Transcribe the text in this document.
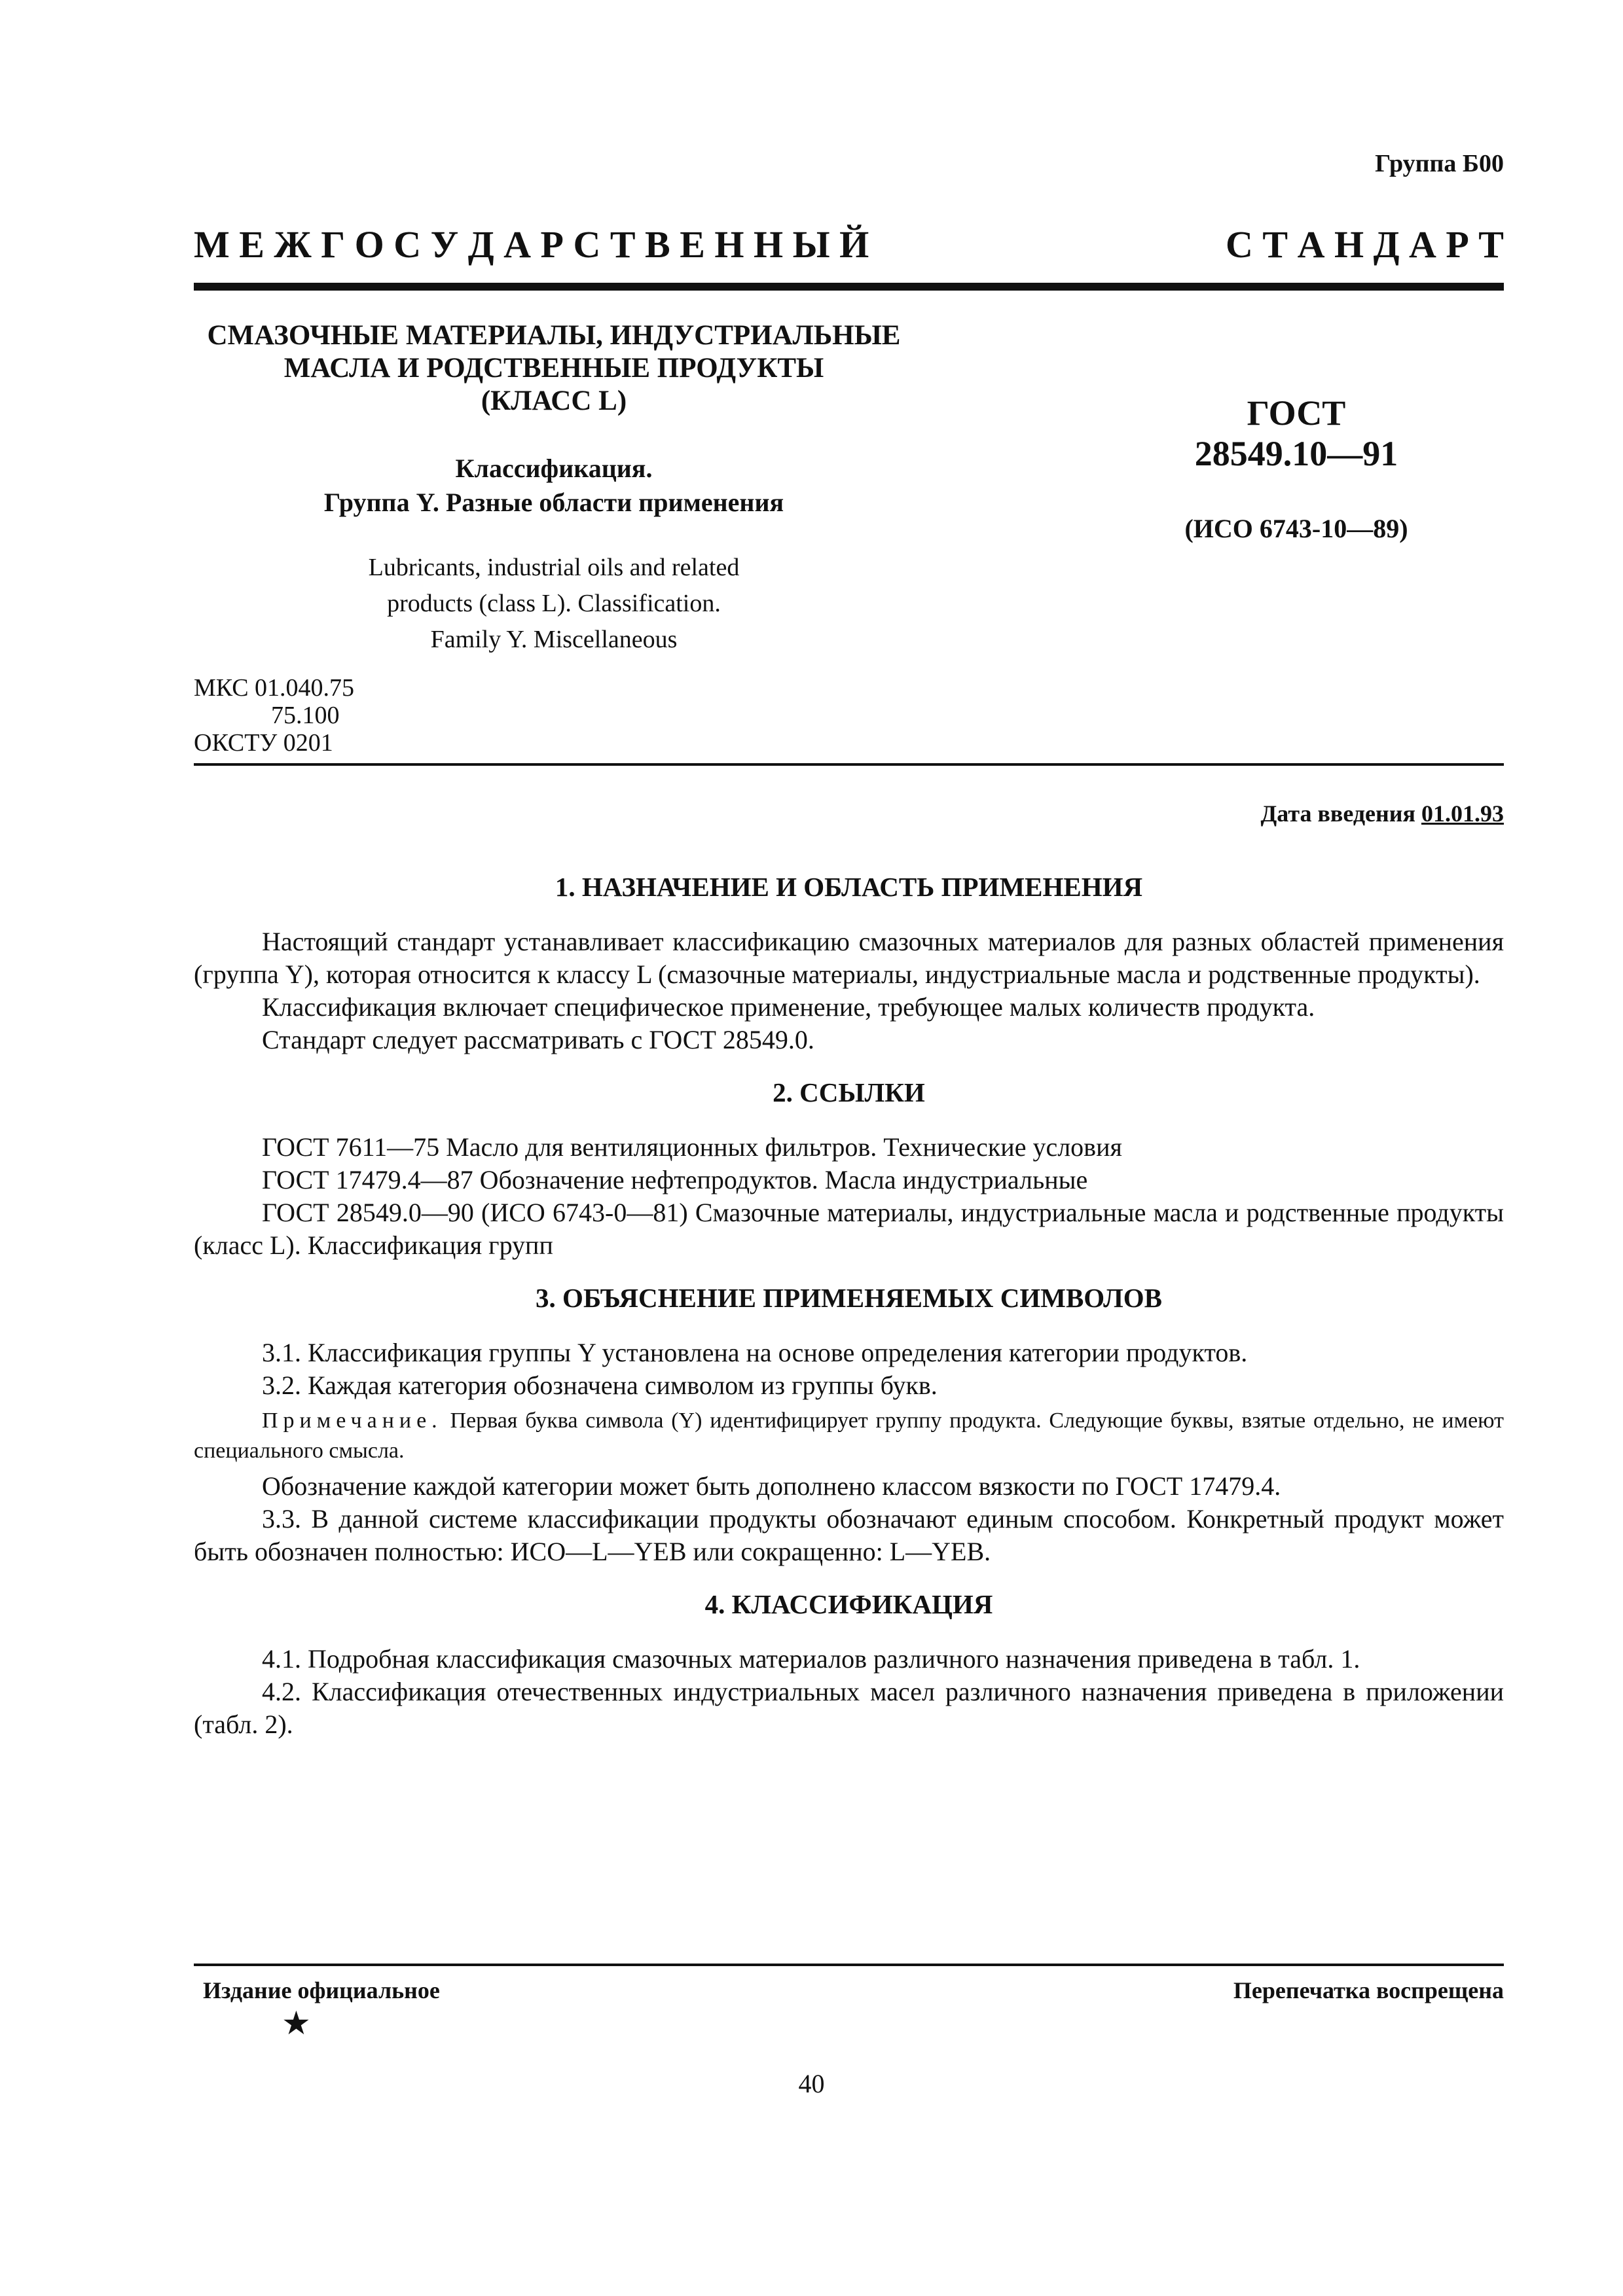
Группа Б00
М Е Ж Г О С У Д А Р С Т В Е Н Н Ы Й	С Т А Н Д А Р Т
СМАЗОЧНЫЕ МАТЕРИАЛЫ, ИНДУСТРИАЛЬНЫЕ
МАСЛА И РОДСТВЕННЫЕ ПРОДУКТЫ
(КЛАСС L)
Классификация.
Группа Y. Разные области применения
Lubricants, industrial oils and related
products (class L). Classification.
Family Y. Miscellaneous
ГОСТ
28549.10—91
(ИСО 6743-10—89)
МКС 01.040.75
75.100
ОКСТУ 0201
Дата введения 01.01.93
1. НАЗНАЧЕНИЕ И ОБЛАСТЬ ПРИМЕНЕНИЯ

Настоящий стандарт устанавливает классификацию смазочных материалов для разных областей применения (группа Y), которая относится к классу L (смазочные материалы, индустриальные масла и родственные продукты).

Классификация включает специфическое применение, требующее малых количеств продукта.

Стандарт следует рассматривать с ГОСТ 28549.0.

2. ССЫЛКИ

ГОСТ 7611—75 Масло для вентиляционных фильтров. Технические условия

ГОСТ 17479.4—87 Обозначение нефтепродуктов. Масла индустриальные

ГОСТ 28549.0—90 (ИСО 6743-0—81) Смазочные материалы, индустриальные масла и родственные продукты (класс L). Классификация групп

3. ОБЪЯСНЕНИЕ ПРИМЕНЯЕМЫХ СИМВОЛОВ

3.1. Классификация группы Y установлена на основе определения категории продуктов.

3.2. Каждая категория обозначена символом из группы букв.

Примечание. Первая буква символа (Y) идентифицирует группу продукта. Следующие буквы, взятые отдельно, не имеют специального смысла.

Обозначение каждой категории может быть дополнено классом вязкости по ГОСТ 17479.4.

3.3. В данной системе классификации продукты обозначают единым способом. Конкретный продукт может быть обозначен полностью: ИСО—L—YEB или сокращенно: L—YEB.

4. КЛАССИФИКАЦИЯ

4.1. Подробная классификация смазочных материалов различного назначения приведена в табл. 1.

4.2. Классификация отечественных индустриальных масел различного назначения приведена в приложении (табл. 2).

Издание официальное
★
Перепечатка воспрещена
40
